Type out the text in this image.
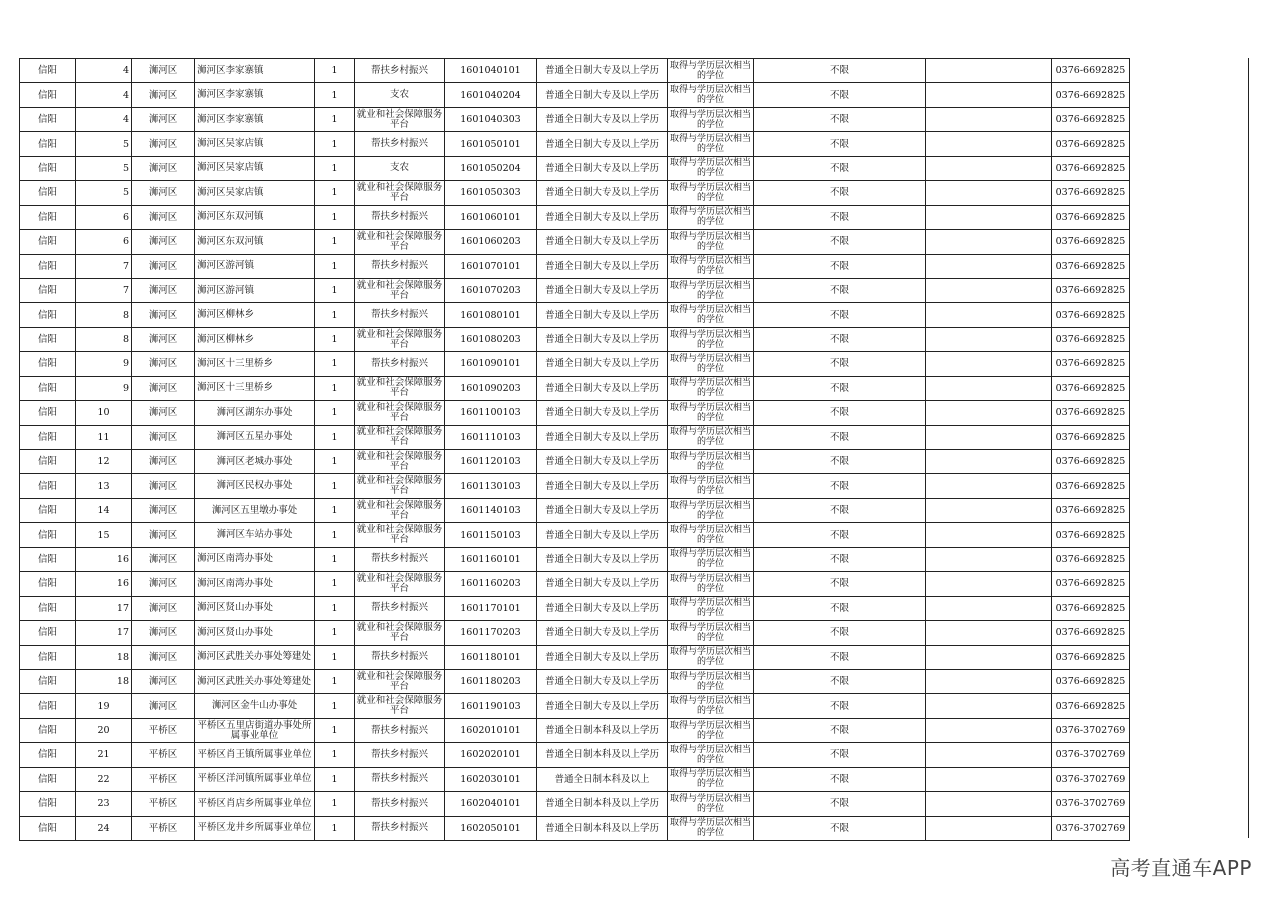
信阳	4	浉河区	浉河区李家寨镇	1	帮扶乡村振兴	1601040101	普通全日制大专及以上学历	取得与学历层次相当的学位	不限		0376-6692825
信阳	4	浉河区	浉河区李家寨镇	1	支农	1601040204	普通全日制大专及以上学历	取得与学历层次相当的学位	不限		0376-6692825
信阳	4	浉河区	浉河区李家寨镇	1	就业和社会保障服务平台	1601040303	普通全日制大专及以上学历	取得与学历层次相当的学位	不限		0376-6692825
信阳	5	浉河区	浉河区吴家店镇	1	帮扶乡村振兴	1601050101	普通全日制大专及以上学历	取得与学历层次相当的学位	不限		0376-6692825
信阳	5	浉河区	浉河区吴家店镇	1	支农	1601050204	普通全日制大专及以上学历	取得与学历层次相当的学位	不限		0376-6692825
信阳	5	浉河区	浉河区吴家店镇	1	就业和社会保障服务平台	1601050303	普通全日制大专及以上学历	取得与学历层次相当的学位	不限		0376-6692825
信阳	6	浉河区	浉河区东双河镇	1	帮扶乡村振兴	1601060101	普通全日制大专及以上学历	取得与学历层次相当的学位	不限		0376-6692825
信阳	6	浉河区	浉河区东双河镇	1	就业和社会保障服务平台	1601060203	普通全日制大专及以上学历	取得与学历层次相当的学位	不限		0376-6692825
信阳	7	浉河区	浉河区游河镇	1	帮扶乡村振兴	1601070101	普通全日制大专及以上学历	取得与学历层次相当的学位	不限		0376-6692825
信阳	7	浉河区	浉河区游河镇	1	就业和社会保障服务平台	1601070203	普通全日制大专及以上学历	取得与学历层次相当的学位	不限		0376-6692825
信阳	8	浉河区	浉河区柳林乡	1	帮扶乡村振兴	1601080101	普通全日制大专及以上学历	取得与学历层次相当的学位	不限		0376-6692825
信阳	8	浉河区	浉河区柳林乡	1	就业和社会保障服务平台	1601080203	普通全日制大专及以上学历	取得与学历层次相当的学位	不限		0376-6692825
信阳	9	浉河区	浉河区十三里桥乡	1	帮扶乡村振兴	1601090101	普通全日制大专及以上学历	取得与学历层次相当的学位	不限		0376-6692825
信阳	9	浉河区	浉河区十三里桥乡	1	就业和社会保障服务平台	1601090203	普通全日制大专及以上学历	取得与学历层次相当的学位	不限		0376-6692825
信阳	10	浉河区	浉河区湖东办事处	1	就业和社会保障服务平台	1601100103	普通全日制大专及以上学历	取得与学历层次相当的学位	不限		0376-6692825
信阳	11	浉河区	浉河区五星办事处	1	就业和社会保障服务平台	1601110103	普通全日制大专及以上学历	取得与学历层次相当的学位	不限		0376-6692825
信阳	12	浉河区	浉河区老城办事处	1	就业和社会保障服务平台	1601120103	普通全日制大专及以上学历	取得与学历层次相当的学位	不限		0376-6692825
信阳	13	浉河区	浉河区民权办事处	1	就业和社会保障服务平台	1601130103	普通全日制大专及以上学历	取得与学历层次相当的学位	不限		0376-6692825
信阳	14	浉河区	浉河区五里墩办事处	1	就业和社会保障服务平台	1601140103	普通全日制大专及以上学历	取得与学历层次相当的学位	不限		0376-6692825
信阳	15	浉河区	浉河区车站办事处	1	就业和社会保障服务平台	1601150103	普通全日制大专及以上学历	取得与学历层次相当的学位	不限		0376-6692825
信阳	16	浉河区	浉河区南湾办事处	1	帮扶乡村振兴	1601160101	普通全日制大专及以上学历	取得与学历层次相当的学位	不限		0376-6692825
信阳	16	浉河区	浉河区南湾办事处	1	就业和社会保障服务平台	1601160203	普通全日制大专及以上学历	取得与学历层次相当的学位	不限		0376-6692825
信阳	17	浉河区	浉河区贤山办事处	1	帮扶乡村振兴	1601170101	普通全日制大专及以上学历	取得与学历层次相当的学位	不限		0376-6692825
信阳	17	浉河区	浉河区贤山办事处	1	就业和社会保障服务平台	1601170203	普通全日制大专及以上学历	取得与学历层次相当的学位	不限		0376-6692825
信阳	18	浉河区	浉河区武胜关办事处筹建处	1	帮扶乡村振兴	1601180101	普通全日制大专及以上学历	取得与学历层次相当的学位	不限		0376-6692825
信阳	18	浉河区	浉河区武胜关办事处筹建处	1	就业和社会保障服务平台	1601180203	普通全日制大专及以上学历	取得与学历层次相当的学位	不限		0376-6692825
信阳	19	浉河区	浉河区金牛山办事处	1	就业和社会保障服务平台	1601190103	普通全日制大专及以上学历	取得与学历层次相当的学位	不限		0376-6692825
信阳	20	平桥区	平桥区五里店街道办事处所属事业单位	1	帮扶乡村振兴	1602010101	普通全日制本科及以上学历	取得与学历层次相当的学位	不限		0376-3702769
信阳	21	平桥区	平桥区肖王镇所属事业单位	1	帮扶乡村振兴	1602020101	普通全日制本科及以上学历	取得与学历层次相当的学位	不限		0376-3702769
信阳	22	平桥区	平桥区洋河镇所属事业单位	1	帮扶乡村振兴	1602030101	普通全日制本科及以上	取得与学历层次相当的学位	不限		0376-3702769
信阳	23	平桥区	平桥区肖店乡所属事业单位	1	帮扶乡村振兴	1602040101	普通全日制本科及以上学历	取得与学历层次相当的学位	不限		0376-3702769
信阳	24	平桥区	平桥区龙井乡所属事业单位	1	帮扶乡村振兴	1602050101	普通全日制本科及以上学历	取得与学历层次相当的学位	不限		0376-3702769
高考直通车APP
